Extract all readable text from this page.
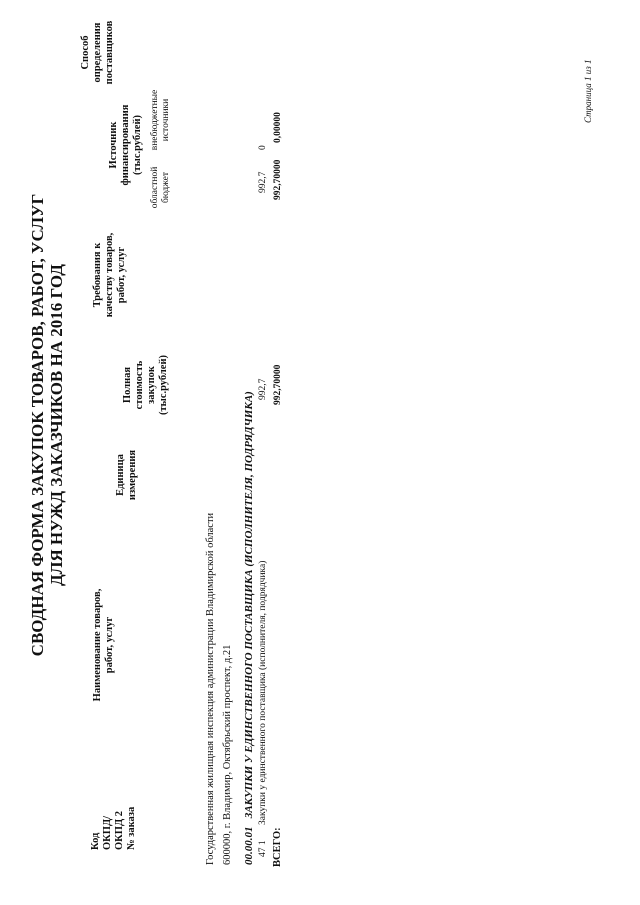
СВОДНАЯ ФОРМА ЗАКУПОК ТОВАРОВ, РАБОТ, УСЛУГ ДЛЯ НУЖД ЗАКАЗЧИКОВ НА 2016 ГОД
Код ОКПД/ ОКПД 2 № заказа
Наименование товаров, работ, услуг
Единица измерения
Полная стоимость закупок (тыс.рублей)
Требования к качеству товаров, работ, услуг
Источник финансирования (тыс.рублей)
областной бюджет
внебюджетные источники
Способ определения поставщиков
Государственная жилищная инспекция администрации Владимирской области 600000, г. Владимир, Октябрьский проспект, д.21 00.00.01   ЗАКУПКИ У ЕДИНСТВЕННОГО ПОСТАВЩИКА (ИСПОЛНИТЕЛЯ, ПОДРЯДЧИКА)
47 1
Закупки у единственного поставщика (исполнителя, подрядчика)
992,7
992,7
0
ВСЕГО:
992,70000
992,70000
0,00000
Страница 1 из 1
